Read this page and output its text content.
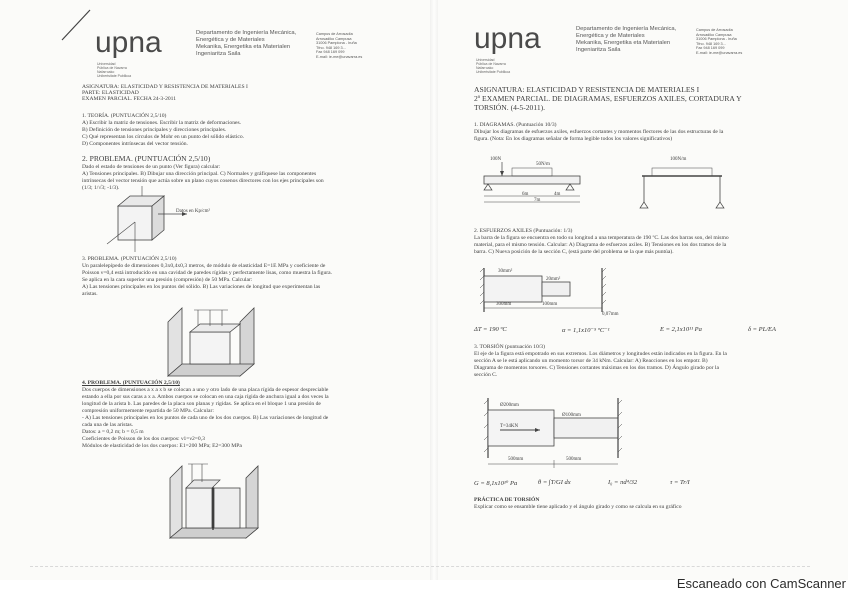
upna
Universidad
Pública de Navarra
Nafarroako
Unibertsitate Publikoa
Departamento de Ingeniería Mecánica,
Energética y de Materiales
Mekanika, Energetika eta Materialen
Ingeniaritza Saila
Campus de Arrosadía
Arrosadiko Campusa
31006 Pamplona - Iruña
Tfno. 948 169 3...
Fax 948 169 099
E-mail: ie-me@unavarra.es
ASIGNATURA: ELASTICIDAD Y RESISTENCIA DE MATERIALES I
PARTE: ELASTICIDAD
EXAMEN PARCIAL. FECHA 24-3-2011
1. TEORÍA. (PUNTUACIÓN 2,5/10)
A) Escribir la matriz de tensiones. Escribir la matriz de deformaciones.
B) Definición de tensiones principales y direcciones principales.
C) Qué representan los círculos de Mohr en un punto del sólido elástico.
D) Componentes intrínsecas del vector tensión.
2. PROBLEMA. (PUNTUACIÓN 2,5/10)
Dado el estado de tensiones de un punto (Ver figura) calcular:
A) Tensiones principales. B) Dibujar una dirección principal. C) Normales y gráfiquese las componentes
intrínsecas del vector tensión que actúa sobre un plano cuyos cosenos directores con los ejes principales son
(1/3; 1/√3; -1/3).
Datos en Kp/cm²
3. PROBLEMA. (PUNTUACIÓN 2,5/10)
Un paralelepípedo de dimensiones 0,3x0,4x0,3 metros, de módulo de elasticidad E=1E MPa y coeficiente de
Poisson ν=0,4 está introducido en una cavidad de paredes rígidas y perfectamente lisas, como muestra la figura.
Se aplica en la cara superior una presión (compresión) de 50 MPa. Calcular:
A) Las tensiones principales en los puntos del sólido. B) Las variaciones de longitud que experimentan las
aristas.
4. PROBLEMA. (PUNTUACIÓN 2,5/10)
Dos cuerpos de dimensiones a x a x b se colocan a uno y otro lado de una placa rígida de espesor despreciable
estando a ella por sus caras a x a. Ambos cuerpos se colocan en una caja rígida de anchura igual a dos veces la
longitud de la arista b. Las paredes de la placa son planas y rígidas. Se aplica en el bloque 1 una presión de
compresión uniformemente repartida de 50 MPa. Calcular:
- A) Las tensiones principales en los puntos de cada uno de los dos cuerpos. B) Las variaciones de longitud de
cada una de las aristas.
Datos: a = 0,2 m; b = 0,5 m
Coeficientes de Poisson de los dos cuerpos: ν1=ν2=0,3
Módulos de elasticidad de los dos cuerpos: E1=200 MPa; E2=300 MPa
upna
Universidad
Pública de Navarra
Nafarroako
Unibertsitate Publikoa
Departamento de Ingeniería Mecánica,
Energética y de Materiales
Mekanika, Energetika eta Materialen
Ingeniaritza Saila
Campus de Arrosadía
Arrosadiko Campusa
31006 Pamplona - Iruña
Tfno. 948 169 3...
Fax 948 169 099
E-mail: ie-me@unavarra.es
ASIGNATURA: ELASTICIDAD Y RESISTENCIA DE MATERIALES I
2º EXAMEN PARCIAL. DE DIAGRAMAS, ESFUERZOS AXILES, CORTADURA Y
TORSIÓN. (4-5-2011).
1. DIAGRAMAS. (Puntuación 10/3)
Dibujar los diagramas de esfuerzos axiles, esfuerzos cortantes y momentos flectores de las dos estructuras de la
figura. (Nota: En los diagramas señalar de forma legible todos los valores significativos)
100N
50N/m
100N/m
6m	4m
7m
2. ESFUERZOS AXILES (Puntuación: 1/3)
La barra de la figura se encuentra en todo su longitud a una temperatura de 190 ºC. Las dos barras son, del mismo
material, para el mismo tensión. Calcular: A) Diagrama de esfuerzos axiles. B) Tensiones en los dos tramos de la
barra. C) Nueva posición de la sección C, (está parte del problema se la que más puntúa).
30mm²
20mm²
300mm	100mm
0,07mm
ΔT = 190 ºC	α = 1,1x10⁻⁵ ºC⁻¹	E = 2,1x10¹¹ Pa	δ = PL/EA
3. TORSIÓN (puntuación 10/3)
El eje de la figura está empotrado en sus extremos. Los diámetros y longitudes están indicados en la figura. En la
sección A se le está aplicando un momento torsor de 34 kNm. Calcular: A) Reacciones en los empotr. B)
Diagrama de momentos torsores. C) Tensiones cortantes máximas en los dos tramos. D) Ángulo girado por la
sección C.
Ø200mm
Ø100mm
T=34KN
500mm	500mm
G = 8,1x10¹⁰ Pa	θ = ∫T/GI dx	I₀ = πd⁴/32	τ = Tr/I
PRÁCTICA DE TORSIÓN
Explicar como se ensamble tiene aplicado y el ángulo girado y como se calcula en su gráfico
Escaneado con CamScanner
